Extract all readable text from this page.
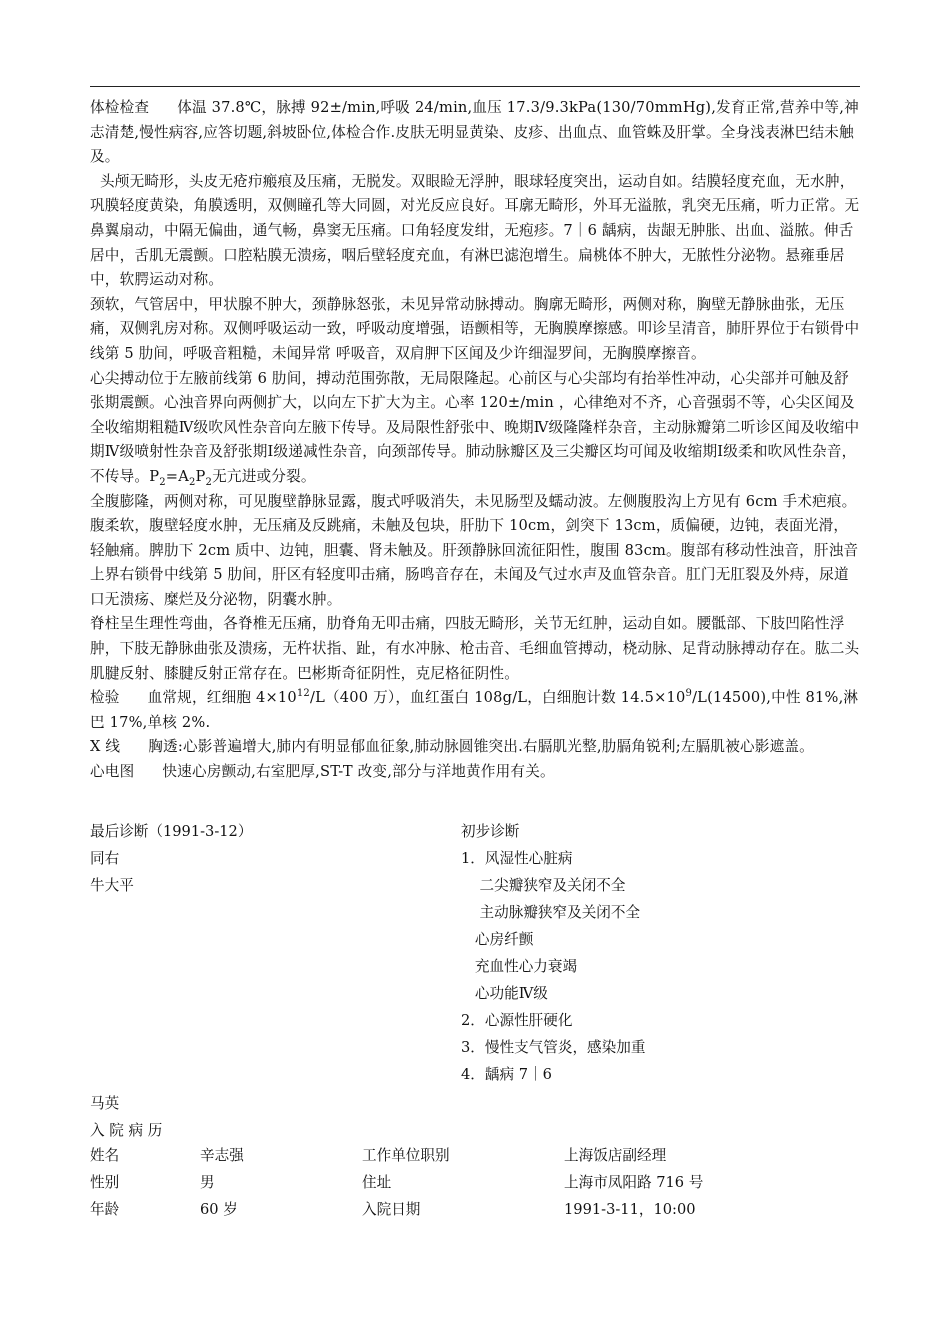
体检检查 体温 37.8℃，脉搏 92±/min,呼吸 24/min,血压 17.3/9.3kPa(130/70mmHg),发育正常,营养中等,神志清楚,慢性病容,应答切题,斜坡卧位,体检合作.皮肤无明显黄染、皮疹、出血点、血管蛛及肝掌。全身浅表淋巴结未触及。

头颅无畸形，头皮无疮疖瘢痕及压痛，无脱发。双眼睑无浮肿，眼球轻度突出，运动自如。结膜轻度充血，无水肿，巩膜轻度黄染，角膜透明，双侧瞳孔等大同圆，对光反应良好。耳廓无畸形，外耳无溢脓，乳突无压痛，听力正常。无鼻翼扇动，中隔无偏曲，通气畅，鼻窦无压痛。口角轻度发绀，无疱疹。7｜6 龋病，齿龈无肿胀、出血、溢脓。伸舌居中，舌肌无震颤。口腔粘膜无溃疡，咽后壁轻度充血，有淋巴滤泡增生。扁桃体不肿大，无脓性分泌物。悬雍垂居中，软腭运动对称。

颈软，气管居中，甲状腺不肿大，颈静脉怒张，未见异常动脉搏动。胸廓无畸形，两侧对称，胸壁无静脉曲张，无压痛，双侧乳房对称。双侧呼吸运动一致，呼吸动度增强，语颤相等，无胸膜摩擦感。叩诊呈清音，肺肝界位于右锁骨中线第 5 肋间，呼吸音粗糙，未闻异常 呼吸音，双肩胛下区闻及少许细湿罗间，无胸膜摩擦音。

心尖搏动位于左腋前线第 6 肋间，搏动范围弥散，无局限隆起。心前区与心尖部均有抬举性冲动，心尖部并可触及舒张期震颤。心浊音界向两侧扩大，以向左下扩大为主。心率 120±/min ，心律绝对不齐，心音强弱不等，心尖区闻及全收缩期粗糙Ⅳ级吹风性杂音向左腋下传导。及局限性舒张中、晚期Ⅳ级隆隆样杂音，主动脉瓣第二听诊区闻及收缩中期Ⅳ级喷射性杂音及舒张期Ⅰ级递减性杂音，向颈部传导。肺动脉瓣区及三尖瓣区均可闻及收缩期Ⅰ级柔和吹风性杂音，不传导。$P_2=A_2P_2$无亢进或分裂。

全腹膨隆，两侧对称，可见腹壁静脉显露，腹式呼吸消失，未见肠型及蠕动波。左侧腹股沟上方见有 6cm 手术疤痕。腹柔软，腹壁轻度水肿，无压痛及反跳痛，未触及包块，肝肋下 10cm，剑突下 13cm，质偏硬，边钝，表面光滑，轻触痛。脾肋下 2cm 质中、边钝，胆囊、肾未触及。肝颈静脉回流征阳性，腹围 83cm。腹部有移动性浊音，肝浊音上界右锁骨中线第 5 肋间，肝区有轻度叩击痛，肠鸣音存在，未闻及气过水声及血管杂音。肛门无肛裂及外痔，尿道口无溃疡、糜烂及分泌物，阴囊水肿。

脊柱呈生理性弯曲，各脊椎无压痛，肋脊角无叩击痛，四肢无畸形，关节无红肿，运动自如。腰骶部、下肢凹陷性浮肿，下肢无静脉曲张及溃疡，无杵状指、趾，有水冲脉、枪击音、毛细血管搏动，桡动脉、足背动脉搏动存在。肱二头肌腱反射、膝腱反射正常存在。巴彬斯奇征阴性，克尼格征阴性。

检验 血常规，红细胞 $4\times 10^{12}/L(400$ 万），血红蛋白 108g/L，白细胞计数 $14.5\times 10^9/L(14500)$,中性 81%,淋巴 17%,单核 2%.

X 线 胸透:心影普遍增大,肺内有明显郁血征象,肺动脉圆锥突出.右膈肌光整,肋膈角锐利;左膈肌被心影遮盖。

心电图 快速心房颤动,右室肥厚,ST-T 改变,部分与洋地黄作用有关。

最后诊断（1991-3-12）
同右
牛大平
初步诊断
1．风湿性心脏病
二尖瓣狭窄及关闭不全
主动脉瓣狭窄及关闭不全
心房纤颤
充血性心力衰竭
心功能Ⅳ级
2．心源性肝硬化
3．慢性支气管炎，感染加重
4．龋病 7｜6
马英
入 院 病 历
姓名	辛志强	工作单位职别	上海饭店副经理
性别	男	住址	上海市凤阳路 716 号
年龄	60 岁	入院日期	1991-3-11，10:00
